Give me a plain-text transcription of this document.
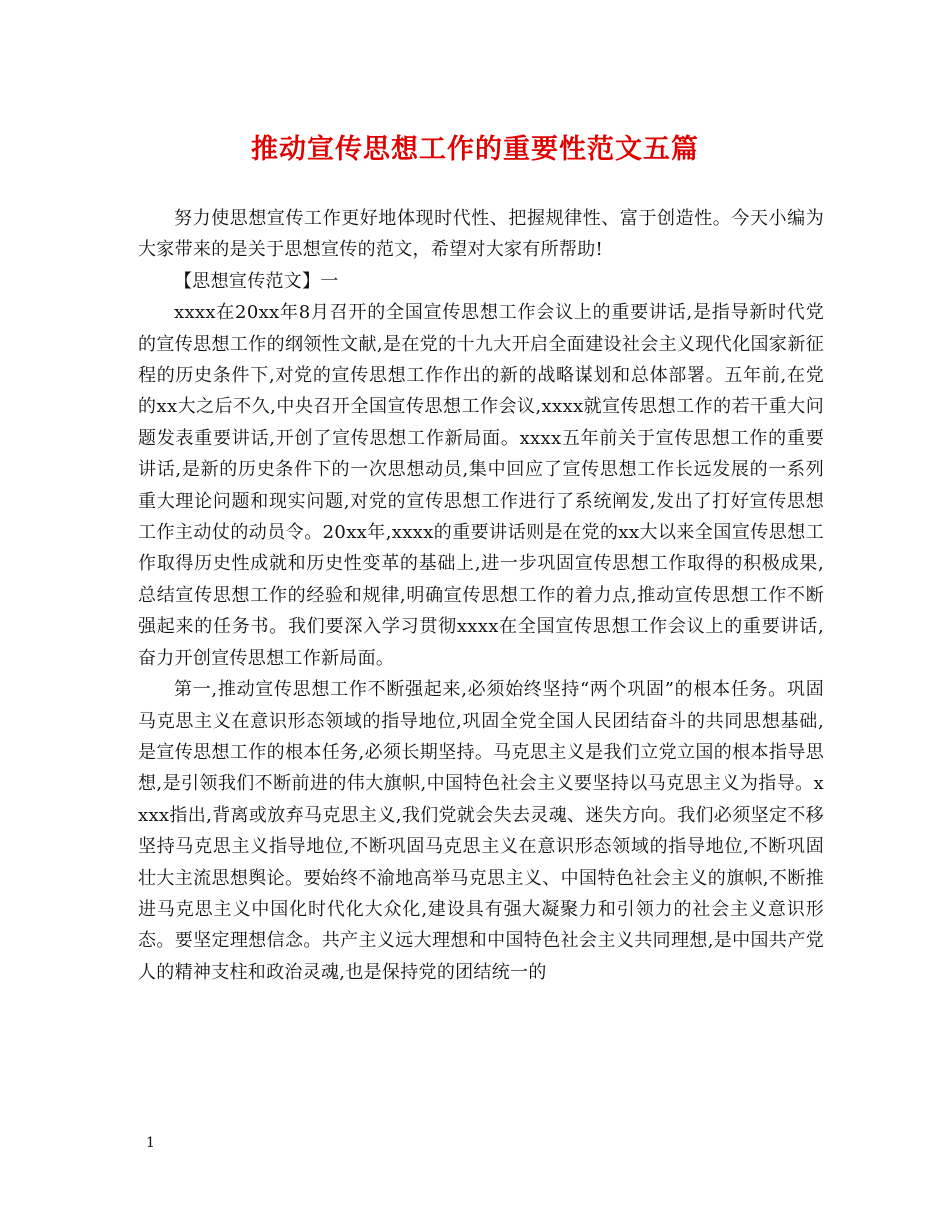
推动宣传思想工作的重要性范文五篇

努力使思想宣传工作更好地体现时代性、把握规律性、富于创造性。今天小编为大家带来的是关于思想宣传的范文，希望对大家有所帮助!

【思想宣传范文】一

xxxx在20xx年8月召开的全国宣传思想工作会议上的重要讲话,是指导新时代党的宣传思想工作的纲领性文献,是在党的十九大开启全面建设社会主义现代化国家新征程的历史条件下,对党的宣传思想工作作出的新的战略谋划和总体部署。五年前,在党的xx大之后不久,中央召开全国宣传思想工作会议,xxxx就宣传思想工作的若干重大问题发表重要讲话,开创了宣传思想工作新局面。xxxx五年前关于宣传思想工作的重要讲话,是新的历史条件下的一次思想动员,集中回应了宣传思想工作长远发展的一系列重大理论问题和现实问题,对党的宣传思想工作进行了系统阐发,发出了打好宣传思想工作主动仗的动员令。20xx年,xxxx的重要讲话则是在党的xx大以来全国宣传思想工作取得历史性成就和历史性变革的基础上,进一步巩固宣传思想工作取得的积极成果,总结宣传思想工作的经验和规律,明确宣传思想工作的着力点,推动宣传思想工作不断强起来的任务书。我们要深入学习贯彻xxxx在全国宣传思想工作会议上的重要讲话,奋力开创宣传思想工作新局面。

第一,推动宣传思想工作不断强起来,必须始终坚持“两个巩固”的根本任务。巩固马克思主义在意识形态领域的指导地位,巩固全党全国人民团结奋斗的共同思想基础,是宣传思想工作的根本任务,必须长期坚持。马克思主义是我们立党立国的根本指导思想,是引领我们不断前进的伟大旗帜,中国特色社会主义要坚持以马克思主义为指导。xxxx指出,背离或放弃马克思主义,我们党就会失去灵魂、迷失方向。我们必须坚定不移坚持马克思主义指导地位,不断巩固马克思主义在意识形态领域的指导地位,不断巩固壮大主流思想舆论。要始终不渝地高举马克思主义、中国特色社会主义的旗帜,不断推进马克思主义中国化时代化大众化,建设具有强大凝聚力和引领力的社会主义意识形态。要坚定理想信念。共产主义远大理想和中国特色社会主义共同理想,是中国共产党人的精神支柱和政治灵魂,也是保持党的团结统一的

1
